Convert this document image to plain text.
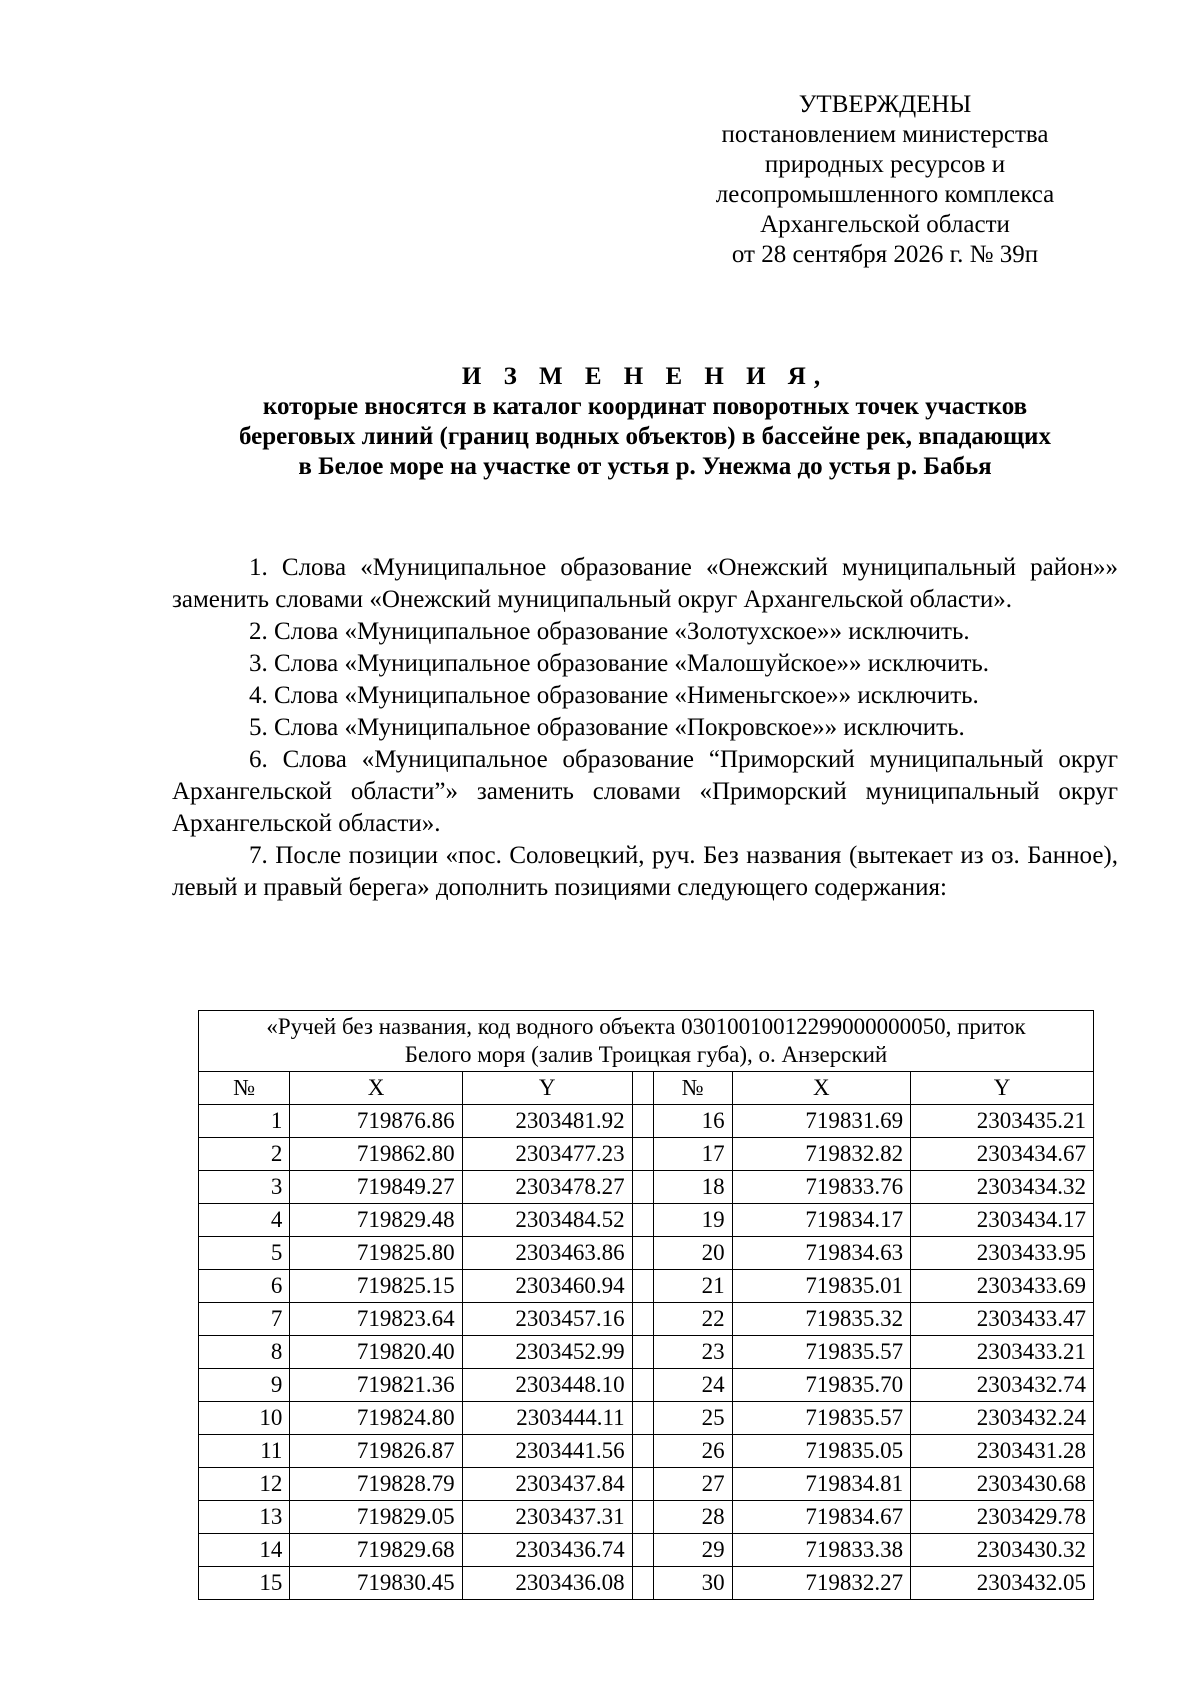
УТВЕРЖДЕНЫ
постановлением министерства
природных ресурсов и
лесопромышленного комплекса
Архангельской области
от 28 сентября 2026 г. № 39п
И З М Е Н Е Н И Я,
которые вносятся в каталог координат поворотных точек участков
береговых линий (границ водных объектов) в бассейне рек, впадающих
в Белое море на участке от устья р. Унежма до устья р. Бабья

1. Слова «Муниципальное образование «Онежский муниципальный район»» заменить словами «Онежский муниципальный округ Архангельской области».

2. Слова «Муниципальное образование «Золотухское»» исключить.

3. Слова «Муниципальное образование «Малошуйское»» исключить.

4. Слова «Муниципальное образование «Нименьгское»» исключить.

5. Слова «Муниципальное образование «Покровское»» исключить.

6. Слова «Муниципальное образование “Приморский муниципальный округ Архангельской области”» заменить словами «Приморский муниципальный округ Архангельской области».

7. После позиции «пос. Соловецкий, руч. Без названия (вытекает из оз. Банное), левый и правый берега» дополнить позициями следующего содержания:

«Ручей без названия, код водного объекта 03010010012299000000050, приток
Белого моря (залив Троицкая губа), о. Анзерский						

№	X	Y		№	X	Y
1	719876.86	2303481.92		16	719831.69	2303435.21
2	719862.80	2303477.23		17	719832.82	2303434.67
3	719849.27	2303478.27		18	719833.76	2303434.32
4	719829.48	2303484.52		19	719834.17	2303434.17
5	719825.80	2303463.86		20	719834.63	2303433.95
6	719825.15	2303460.94		21	719835.01	2303433.69
7	719823.64	2303457.16		22	719835.32	2303433.47
8	719820.40	2303452.99		23	719835.57	2303433.21
9	719821.36	2303448.10		24	719835.70	2303432.74
10	719824.80	2303444.11		25	719835.57	2303432.24
11	719826.87	2303441.56		26	719835.05	2303431.28
12	719828.79	2303437.84		27	719834.81	2303430.68
13	719829.05	2303437.31		28	719834.67	2303429.78
14	719829.68	2303436.74		29	719833.38	2303430.32
15	719830.45	2303436.08		30	719832.27	2303432.05
